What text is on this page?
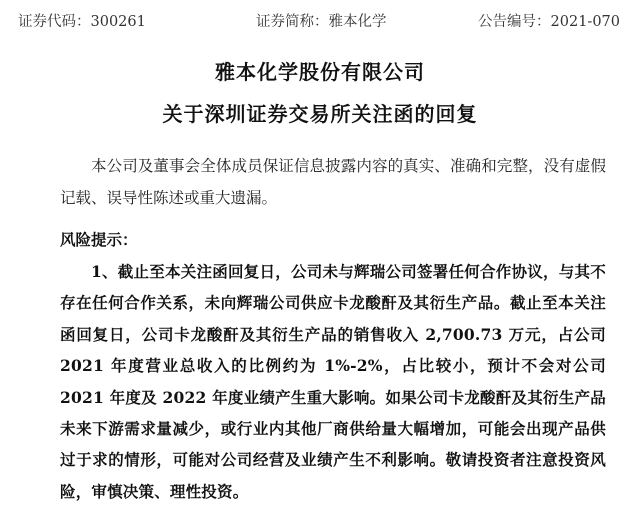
证券代码：300261	证券简称：雅本化学	公告编号：2021-070
雅本化学股份有限公司
关于深圳证券交易所关注函的回复
本公司及董事会全体成员保证信息披露内容的真实、准确和完整，没有虚假记载、误导性陈述或重大遗漏。
风险提示：
1、截止至本关注函回复日，公司未与辉瑞公司签署任何合作协议，与其不存在任何合作关系，未向辉瑞公司供应卡龙酸酐及其衍生产品。截止至本关注函回复日，公司卡龙酸酐及其衍生产品的销售收入 2,700.73 万元，占公司 2021 年度营业总收入的比例约为 1%-2%，占比较小，预计不会对公司 2021 年度及 2022 年度业绩产生重大影响。如果公司卡龙酸酐及其衍生产品未来下游需求量减少，或行业内其他厂商供给量大幅增加，可能会出现产品供过于求的情形，可能对公司经营及业绩产生不利影响。敬请投资者注意投资风险，审慎决策、理性投资。
